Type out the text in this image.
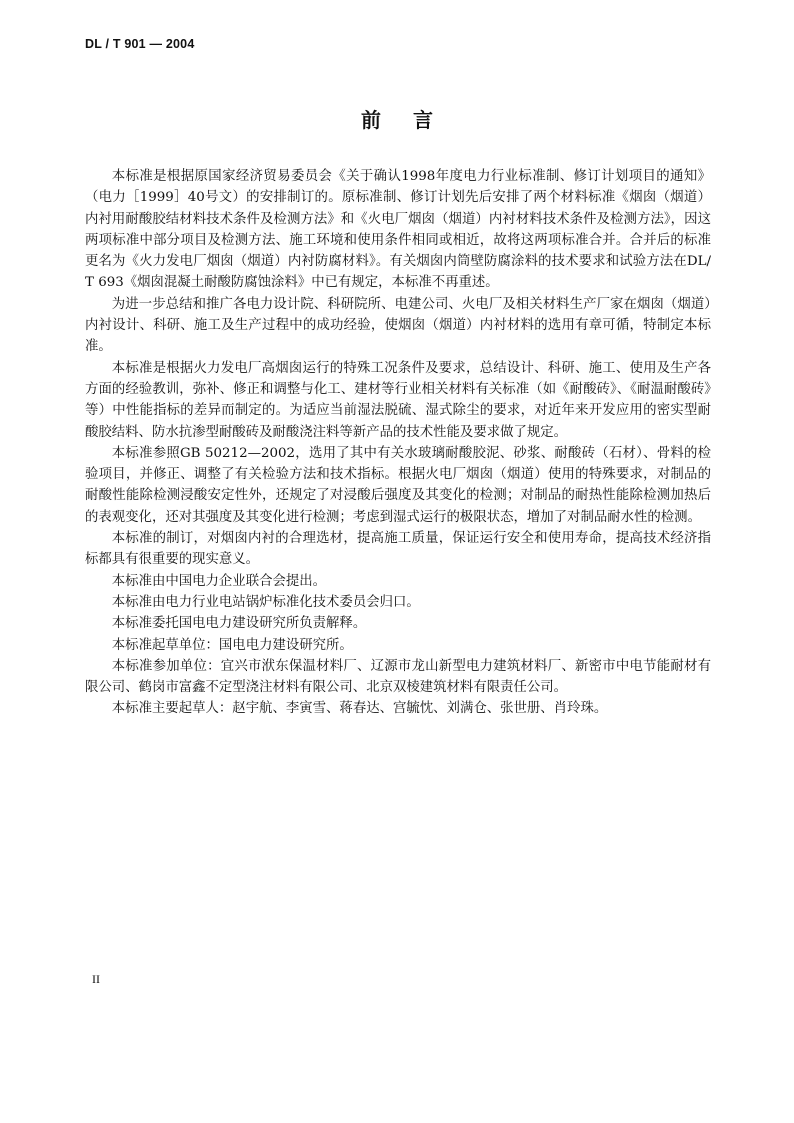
DL / T 901 — 2004
前言

本标准是根据原国家经济贸易委员会《关于确认1998年度电力行业标准制、修订计划项目的通知》（电力［1999］40号文）的安排制订的。原标准制、修订计划先后安排了两个材料标准《烟囱（烟道）内衬用耐酸胶结材料技术条件及检测方法》和《火电厂烟囱（烟道）内衬材料技术条件及检测方法》，因这两项标准中部分项目及检测方法、施工环境和使用条件相同或相近，故将这两项标准合并。合并后的标准更名为《火力发电厂烟囱（烟道）内衬防腐材料》。有关烟囱内筒壁防腐涂料的技术要求和试验方法在DL/T 693《烟囱混凝土耐酸防腐蚀涂料》中已有规定，本标准不再重述。

为进一步总结和推广各电力设计院、科研院所、电建公司、火电厂及相关材料生产厂家在烟囱（烟道）内衬设计、科研、施工及生产过程中的成功经验，使烟囱（烟道）内衬材料的选用有章可循，特制定本标准。

本标准是根据火力发电厂高烟囱运行的特殊工况条件及要求，总结设计、科研、施工、使用及生产各方面的经验教训，弥补、修正和调整与化工、建材等行业相关材料有关标准（如《耐酸砖》、《耐温耐酸砖》等）中性能指标的差异而制定的。为适应当前湿法脱硫、湿式除尘的要求，对近年来开发应用的密实型耐酸胶结料、防水抗渗型耐酸砖及耐酸浇注料等新产品的技术性能及要求做了规定。

本标准参照GB 50212—2002，选用了其中有关水玻璃耐酸胶泥、砂浆、耐酸砖（石材）、骨料的检验项目，并修正、调整了有关检验方法和技术指标。根据火电厂烟囱（烟道）使用的特殊要求，对制品的耐酸性能除检测浸酸安定性外，还规定了对浸酸后强度及其变化的检测；对制品的耐热性能除检测加热后的表观变化，还对其强度及其变化进行检测；考虑到湿式运行的极限状态，增加了对制品耐水性的检测。

本标准的制订，对烟囱内衬的合理选材，提高施工质量，保证运行安全和使用寿命，提高技术经济指标都具有很重要的现实意义。

本标准由中国电力企业联合会提出。

本标准由电力行业电站锅炉标准化技术委员会归口。

本标准委托国电电力建设研究所负责解释。

本标准起草单位：国电电力建设研究所。

本标准参加单位：宜兴市洑东保温材料厂、辽源市龙山新型电力建筑材料厂、新密市中电节能耐材有限公司、鹤岗市富鑫不定型浇注材料有限公司、北京双棱建筑材料有限责任公司。

本标准主要起草人：赵宇航、李寅雪、蒋春达、宫毓忱、刘满仓、张世册、肖玲珠。

II
